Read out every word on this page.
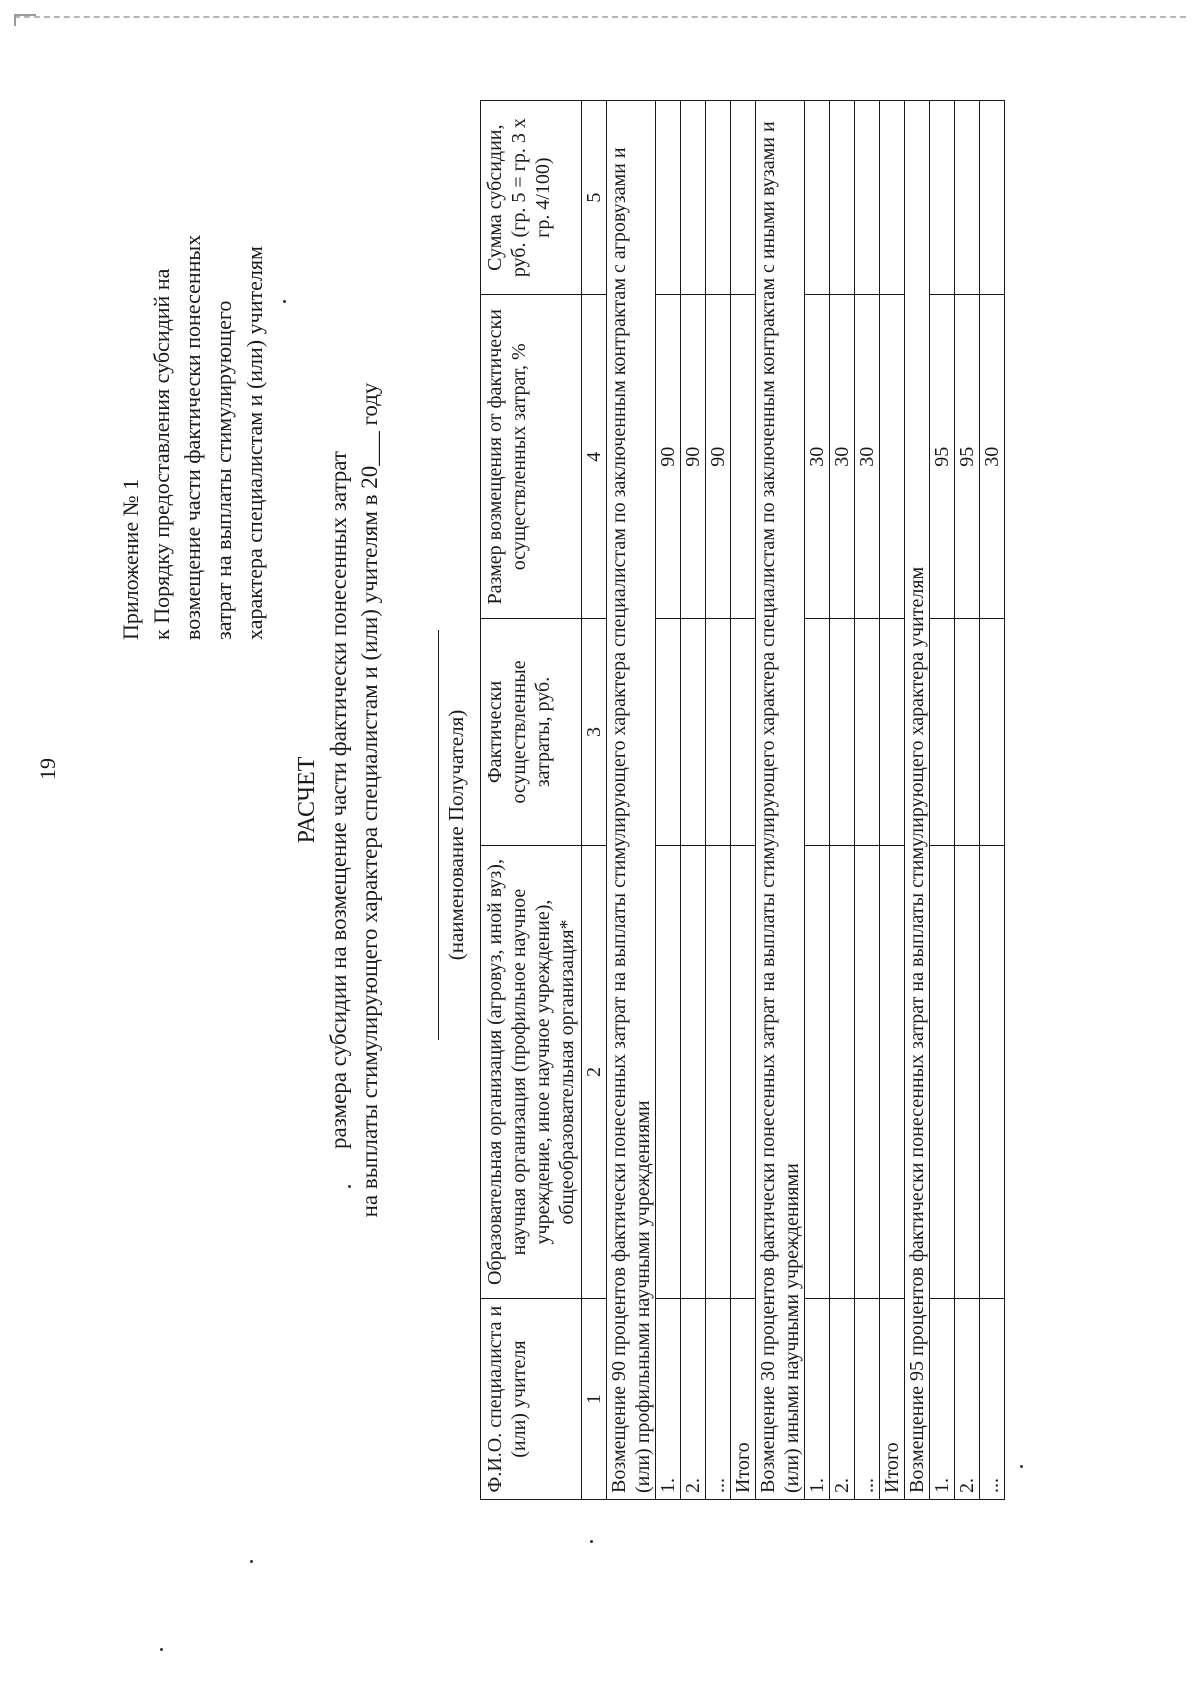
19
Приложение № 1 к Порядку предоставления субсидий на возмещение части фактически понесенных затрат на выплаты стимулирующего характера специалистам и (или) учителям
РАСЧЕТ размера субсидии на возмещение части фактически понесенных затрат на выплаты стимулирующего характера специалистам и (или) учителям в 20___ году	(наименование Получателя)
Ф.И.О. специалиста и (или) учителя	Образовательная организация (агровуз, иной вуз), научная организация (профильное научное учреждение, иное научное учреждение), общеобразовательная организация*	Фактически осуществленные затраты, руб.	Размер возмещения от фактически осуществленных затрат, %	Сумма субсидии, руб. (гр. 5 = гр. 3 х гр. 4/100)
1	2	3	4	5
Возмещение 90 процентов фактически понесенных затрат на выплаты стимулирующего характера специалистам по заключенным контрактам с агровузами и (или) профильными научными учреждениями				
1.			90	
2.			90	
...			90	
Итого				
Возмещение 30 процентов фактически понесенных затрат на выплаты стимулирующего характера специалистам по заключенным контрактам с иными вузами и (или) иными научными учреждениями				
1.			30	
2.			30	
...			30	
Итого				
Возмещение 95 процентов фактически понесенных затрат на выплаты стимулирующего характера учителям				
1.			95	
2.			95	
...			30	
